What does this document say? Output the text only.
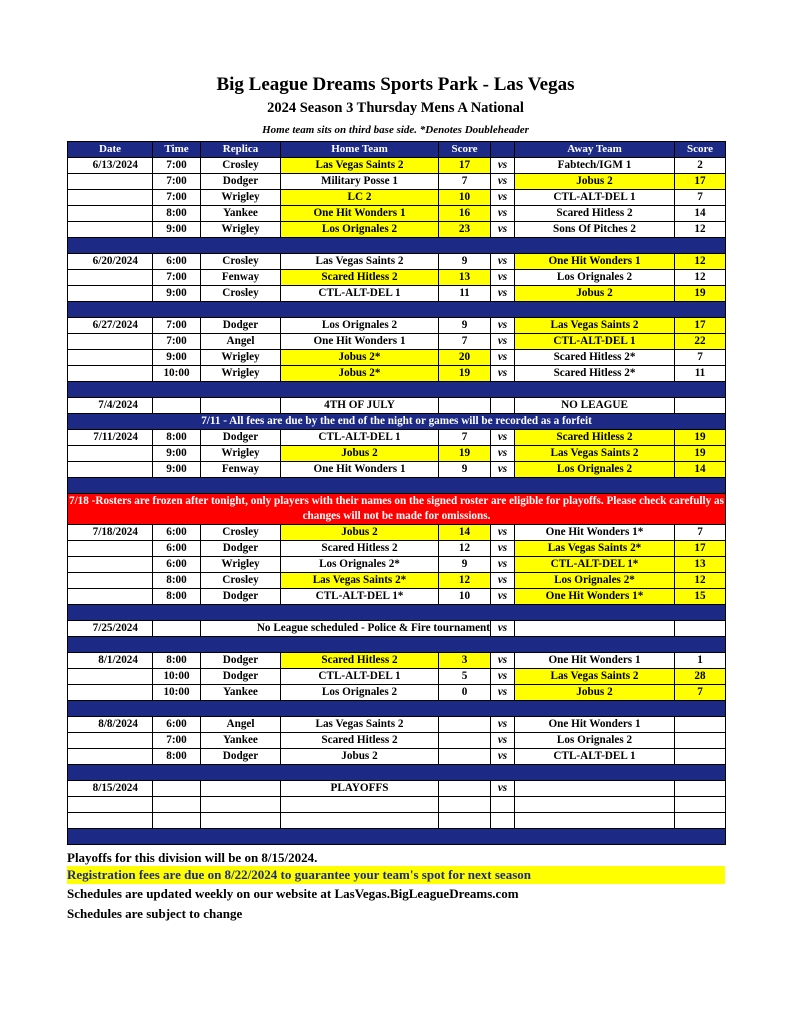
Big League Dreams Sports Park - Las Vegas
2024 Season 3 Thursday Mens A National
Home team sits on third base side. *Denotes Doubleheader
Date	Time	Replica	Home Team	Score		Away Team	Score
6/13/2024	7:00	Crosley	Las Vegas Saints 2	17	vs	Fabtech/IGM 1	2
	7:00	Dodger	Military Posse 1	7	vs	Jobus 2	17
	7:00	Wrigley	LC 2	10	vs	CTL-ALT-DEL 1	7
	8:00	Yankee	One Hit Wonders 1	16	vs	Scared Hitless 2	14
	9:00	Wrigley	Los Orignales 2	23	vs	Sons Of Pitches 2	12

6/20/2024	6:00	Crosley	Las Vegas Saints 2	9	vs	One Hit Wonders 1	12
	7:00	Fenway	Scared Hitless 2	13	vs	Los Orignales 2	12
	9:00	Crosley	CTL-ALT-DEL 1	11	vs	Jobus 2	19

6/27/2024	7:00	Dodger	Los Orignales 2	9	vs	Las Vegas Saints 2	17
	7:00	Angel	One Hit Wonders 1	7	vs	CTL-ALT-DEL 1	22
	9:00	Wrigley	Jobus 2*	20	vs	Scared Hitless 2*	7
	10:00	Wrigley	Jobus 2*	19	vs	Scared Hitless 2*	11

7/4/2024			4TH OF JULY			NO LEAGUE	
7/11 - All fees are due by the end of the night or games will be recorded as a forfeit							
7/11/2024	8:00	Dodger	CTL-ALT-DEL 1	7	vs	Scared Hitless 2	19
	9:00	Wrigley	Jobus 2	19	vs	Las Vegas Saints 2	19
	9:00	Fenway	One Hit Wonders 1	9	vs	Los Orignales 2	14

7/18 -Rosters are frozen after tonight, only players with their names on the signed roster are eligible for playoffs. Please check carefully as changes will not be made for omissions.							
7/18/2024	6:00	Crosley	Jobus 2	14	vs	One Hit Wonders 1*	7
	6:00	Dodger	Scared Hitless 2	12	vs	Las Vegas Saints 2*	17
	6:00	Wrigley	Los Orignales 2*	9	vs	CTL-ALT-DEL 1*	13
	8:00	Crosley	Las Vegas Saints 2*	12	vs	Los Orignales 2*	12
	8:00	Dodger	CTL-ALT-DEL 1*	10	vs	One Hit Wonders 1*	15

7/25/2024		No League scheduled - Police & Fire tournament			vs		

8/1/2024	8:00	Dodger	Scared Hitless 2	3	vs	One Hit Wonders 1	1
	10:00	Dodger	CTL-ALT-DEL 1	5	vs	Las Vegas Saints 2	28
	10:00	Yankee	Los Orignales 2	0	vs	Jobus 2	7

8/8/2024	6:00	Angel	Las Vegas Saints 2		vs	One Hit Wonders 1	
	7:00	Yankee	Scared Hitless 2		vs	Los Orignales 2	
	8:00	Dodger	Jobus 2		vs	CTL-ALT-DEL 1	

8/15/2024			PLAYOFFS		vs		

Playoffs for this division will be on 8/15/2024.
Registration fees are due on 8/22/2024 to guarantee your team's spot for next season
Schedules are updated weekly on our website at LasVegas.BigLeagueDreams.com
Schedules are subject to change
